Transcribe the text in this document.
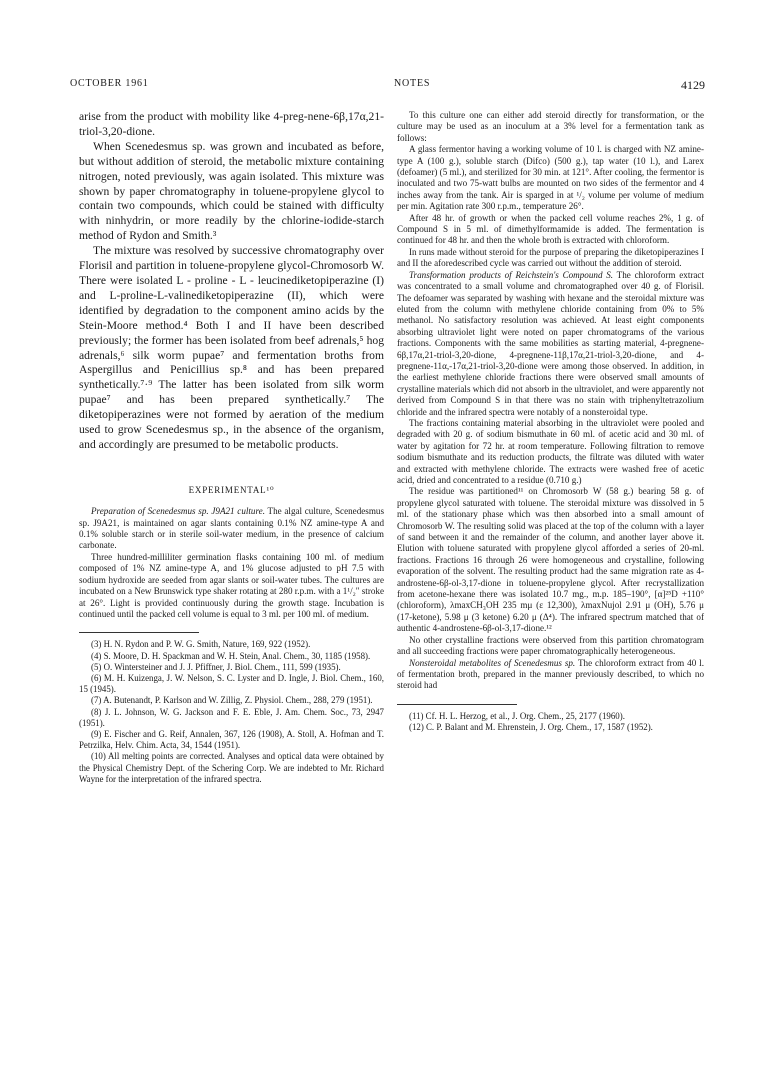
OCTOBER 1961	NOTES	4129

arise from the product with mobility like 4-preg-nene-6β,17α,21-triol-3,20-dione.

When Scenedesmus sp. was grown and incubated as before, but without addition of steroid, the metabolic mixture containing nitrogen, noted previously, was again isolated. This mixture was shown by paper chromatography in toluene-propylene glycol to contain two compounds, which could be stained with difficulty with ninhydrin, or more readily by the chlorine-iodide-starch method of Rydon and Smith.³

The mixture was resolved by successive chromatography over Florisil and partition in toluene-propylene glycol-Chromosorb W. There were isolated L - proline - L - leucinediketopiperazine (I) and L-proline-L-valinediketopiperazine (II), which were identified by degradation to the component amino acids by the Stein-Moore method.⁴ Both I and II have been described previously; the former has been isolated from beef adrenals,⁵ hog adrenals,⁶ silk worm pupae⁷ and fermentation broths from Aspergillus and Penicillius sp.⁸ and has been prepared synthetically.⁷·⁹ The latter has been isolated from silk worm pupae⁷ and has been prepared synthetically.⁷ The diketopiperazines were not formed by aeration of the medium used to grow Scenedesmus sp., in the absence of the organism, and accordingly are presumed to be metabolic products.

EXPERIMENTAL¹⁰

Preparation of Scenedesmus sp. J9A21 culture. The algal culture, Scenedesmus sp. J9A21, is maintained on agar slants containing 0.1% NZ amine-type A and 0.1% soluble starch or in sterile soil-water medium, in the presence of calcium carbonate.

Three hundred-milliliter germination flasks containing 100 ml. of medium composed of 1% NZ amine-type A, and 1% glucose adjusted to pH 7.5 with sodium hydroxide are seeded from agar slants or soil-water tubes. The cultures are incubated on a New Brunswick type shaker rotating at 280 r.p.m. with a 1¹/₂" stroke at 26°. Light is provided continuously during the growth stage. Incubation is continued until the packed cell volume is equal to 3 ml. per 100 ml. of medium.

(3) H. N. Rydon and P. W. G. Smith, Nature, 169, 922 (1952).

(4) S. Moore, D. H. Spackman and W. H. Stein, Anal. Chem., 30, 1185 (1958).

(5) O. Wintersteiner and J. J. Pfiffner, J. Biol. Chem., 111, 599 (1935).

(6) M. H. Kuizenga, J. W. Nelson, S. C. Lyster and D. Ingle, J. Biol. Chem., 160, 15 (1945).

(7) A. Butenandt, P. Karlson and W. Zillig, Z. Physiol. Chem., 288, 279 (1951).

(8) J. L. Johnson, W. G. Jackson and F. E. Eble, J. Am. Chem. Soc., 73, 2947 (1951).

(9) E. Fischer and G. Reif, Annalen, 367, 126 (1908), A. Stoll, A. Hofman and T. Petrzilka, Helv. Chim. Acta, 34, 1544 (1951).

(10) All melting points are corrected. Analyses and optical data were obtained by the Physical Chemistry Dept. of the Schering Corp. We are indebted to Mr. Richard Wayne for the interpretation of the infrared spectra.

To this culture one can either add steroid directly for transformation, or the culture may be used as an inoculum at a 3% level for a fermentation tank as follows:

A glass fermentor having a working volume of 10 l. is charged with NZ amine-type A (100 g.), soluble starch (Difco) (500 g.), tap water (10 l.), and Larex (defoamer) (5 ml.), and sterilized for 30 min. at 121°. After cooling, the fermentor is inoculated and two 75-watt bulbs are mounted on two sides of the fermentor and 4 inches away from the tank. Air is sparged in at ¹/₂ volume per volume of medium per min. Agitation rate 300 r.p.m., temperature 26°.

After 48 hr. of growth or when the packed cell volume reaches 2%, 1 g. of Compound S in 5 ml. of dimethylformamide is added. The fermentation is continued for 48 hr. and then the whole broth is extracted with chloroform.

In runs made without steroid for the purpose of preparing the diketopiperazines I and II the aforedescribed cycle was carried out without the addition of steroid.

Transformation products of Reichstein's Compound S. The chloroform extract was concentrated to a small volume and chromatographed over 40 g. of Florisil. The defoamer was separated by washing with hexane and the steroidal mixture was eluted from the column with methylene chloride containing from 0% to 5% methanol. No satisfactory resolution was achieved. At least eight components absorbing ultraviolet light were noted on paper chromatograms of the various fractions. Components with the same mobilities as starting material, 4-pregnene-6β,17α,21-triol-3,20-dione, 4-pregnene-11β,17α,21-triol-3,20-dione, and 4-pregnene-11α,-17α,21-triol-3,20-dione were among those observed. In addition, in the earliest methylene chloride fractions there were observed small amounts of crystalline materials which did not absorb in the ultraviolet, and were apparently not derived from Compound S in that there was no stain with triphenyltetrazolium chloride and the infrared spectra were notably of a nonsteroidal type.

The fractions containing material absorbing in the ultraviolet were pooled and degraded with 20 g. of sodium bismuthate in 60 ml. of acetic acid and 30 ml. of water by agitation for 72 hr. at room temperature. Following filtration to remove sodium bismuthate and its reduction products, the filtrate was diluted with water and extracted with methylene chloride. The extracts were washed free of acetic acid, dried and concentrated to a residue (0.710 g.)

The residue was partitioned¹¹ on Chromosorb W (58 g.) bearing 58 g. of propylene glycol saturated with toluene. The steroidal mixture was dissolved in 5 ml. of the stationary phase which was then absorbed into a small amount of Chromosorb W. The resulting solid was placed at the top of the column with a layer of sand between it and the remainder of the column, and another layer above it. Elution with toluene saturated with propylene glycol afforded a series of 20-ml. fractions. Fractions 16 through 26 were homogeneous and crystalline, following evaporation of the solvent. The resulting product had the same migration rate as 4-androstene-6β-ol-3,17-dione in toluene-propylene glycol. After recrystallization from acetone-hexane there was isolated 10.7 mg., m.p. 185–190°, [α]²⁵D +110° (chloroform), λmaxCH₃OH 235 mμ (ε 12,300), λmaxNujol 2.91 μ (OH), 5.76 μ (17-ketone), 5.98 μ (3 ketone) 6.20 μ (Δ⁴). The infrared spectrum matched that of authentic 4-androstene-6β-ol-3,17-dione.¹²

No other crystalline fractions were observed from this partition chromatogram and all succeeding fractions were paper chromatographically heterogeneous.

Nonsteroidal metabolites of Scenedesmus sp. The chloroform extract from 40 l. of fermentation broth, prepared in the manner previously described, to which no steroid had

(11) Cf. H. L. Herzog, et al., J. Org. Chem., 25, 2177 (1960).

(12) C. P. Balant and M. Ehrenstein, J. Org. Chem., 17, 1587 (1952).
